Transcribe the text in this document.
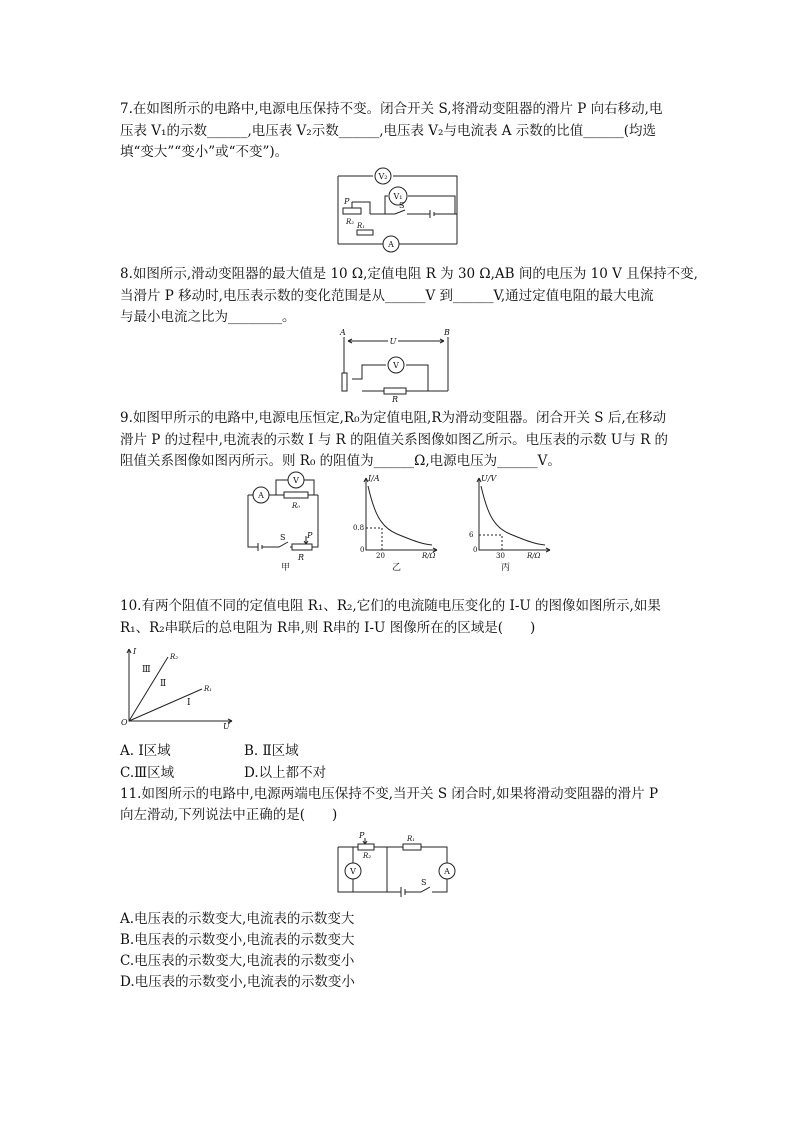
7.在如图所示的电路中,电源电压保持不变。闭合开关 S,将滑动变阻器的滑片 P 向右移动,电
压表 V₁的示数______,电压表 V₂示数______,电压表 V₂与电流表 A 示数的比值______(均选
填“变大”“变小”或“不变”)。
V₂
A
P
R₂ R₁
V₁
S
8.如图所示,滑动变阻器的最大值是 10 Ω,定值电阻 R 为 30 Ω,AB 间的电压为 10 V 且保持不变,
当滑片 P 移动时,电压表示数的变化范围是从______V 到______V,通过定值电阻的最大电流
与最小电流之比为________。
A	B
U
V
R
9.如图甲所示的电路中,电源电压恒定,R₀为定值电阻,R为滑动变阻器。闭合开关 S 后,在移动
滑片 P 的过程中,电流表的示数 I 与 R 的阻值关系图像如图乙所示。电压表的示数 U与 R 的
阻值关系图像如图丙所示。则 R₀ 的阻值为______Ω,电源电压为______V。
A
V
R₀
S	P
R
甲
I/A
0.8
0
20	R/Ω
乙
U/V
6
0
30	R/Ω
丙
10.有两个阻值不同的定值电阻 R₁、R₂,它们的电流随电压变化的 I-U 的图像如图所示,如果
R₁、R₂串联后的总电阻为 R串,则 R串的 I-U 图像所在的区域是(　　)
I
R₂
R₁
Ⅲ
Ⅱ
Ⅰ
O	U
A. Ⅰ区域	B. Ⅱ区域
C.Ⅲ区域	D.以上都不对
11.如图所示的电路中,电源两端电压保持不变,当开关 S 闭合时,如果将滑动变阻器的滑片 P
向左滑动,下列说法中正确的是(　　)
P
R₂
R₁
A
V
S
A.电压表的示数变大,电流表的示数变大
B.电压表的示数变小,电流表的示数变大
C.电压表的示数变大,电流表的示数变小
D.电压表的示数变小,电流表的示数变小
